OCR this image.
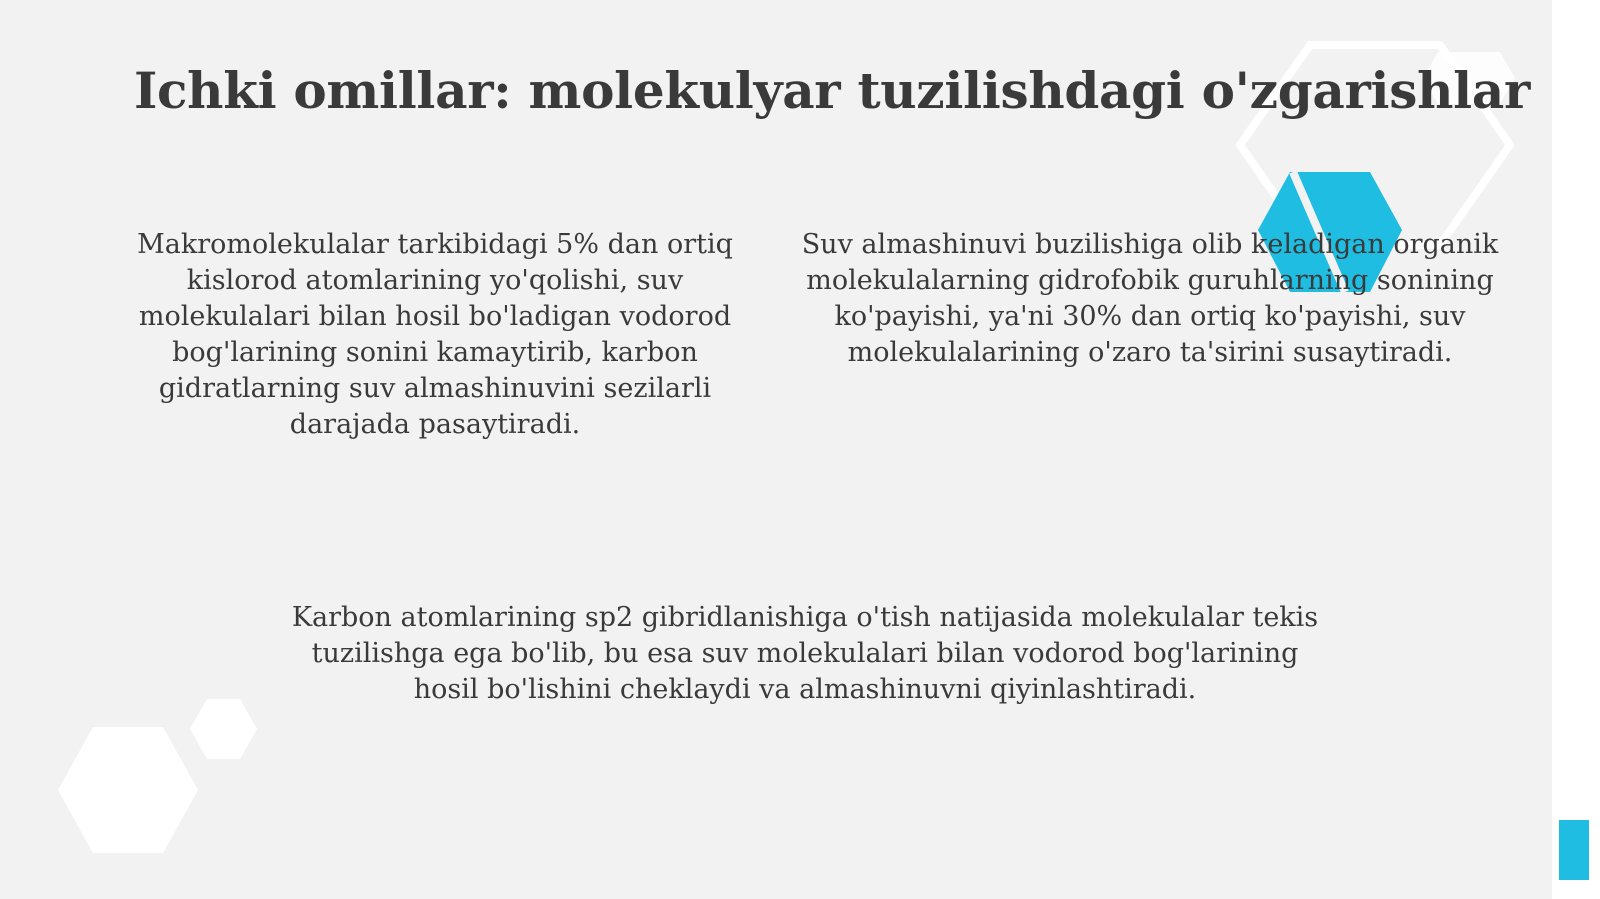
Ichki omillar: molekulyar tuzilishdagi o'zgarishlar

Makromolekulalar tarkibidagi 5% dan ortiq kislorod atomlarining yo'qolishi, suv molekulalari bilan hosil bo'ladigan vodorod bog'larining sonini kamaytirib, karbon gidratlarning suv almashinuvini sezilarli darajada pasaytiradi.

Suv almashinuvi buzilishiga olib keladigan organik molekulalarning gidrofobik guruhlarning sonining ko'payishi, ya'ni 30% dan ortiq ko'payishi, suv molekulalarining o'zaro ta'sirini susaytiradi.

Karbon atomlarining sp2 gibridlanishiga o'tish natijasida molekulalar tekis tuzilishga ega bo'lib, bu esa suv molekulalari bilan vodorod bog'larining hosil bo'lishini cheklaydi va almashinuvni qiyinlashtiradi.
